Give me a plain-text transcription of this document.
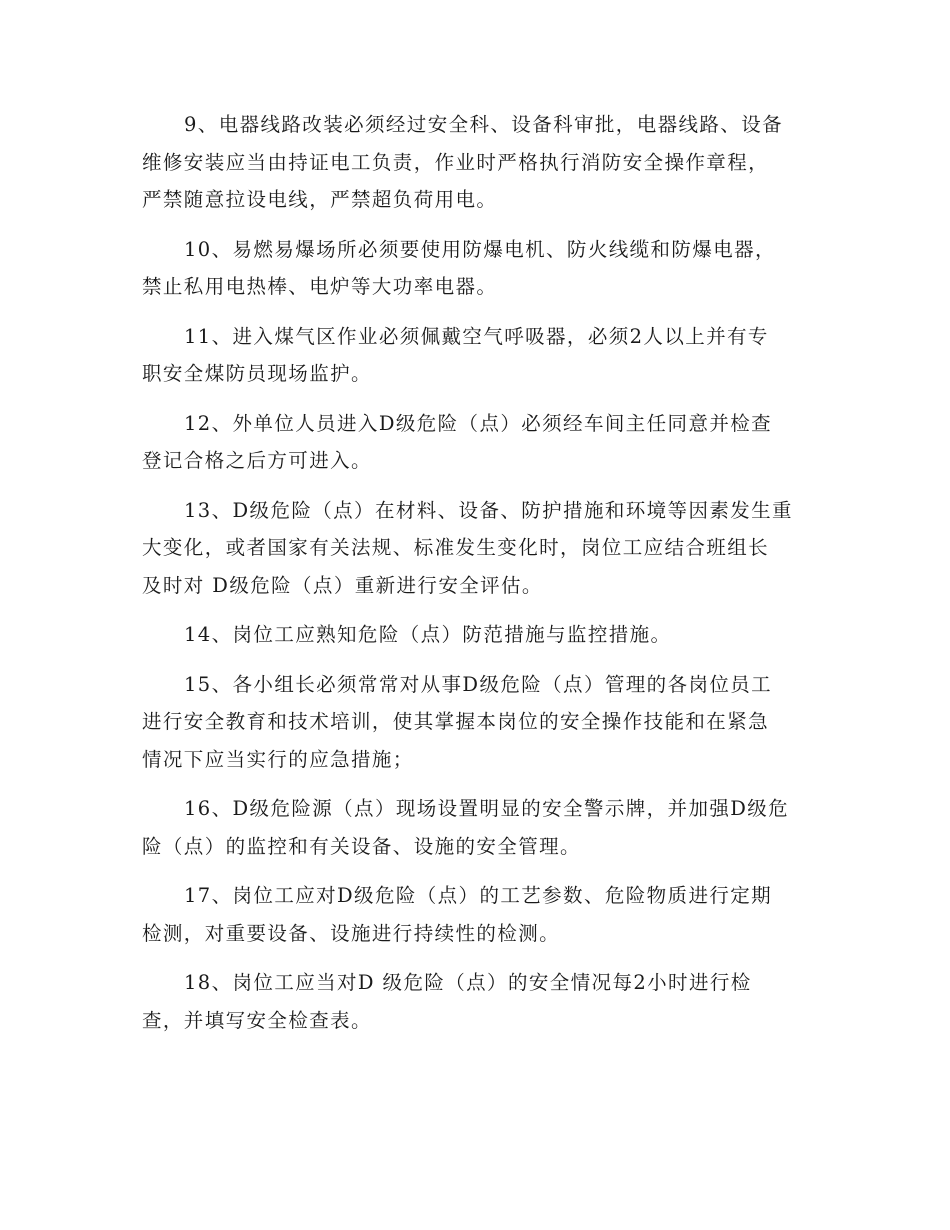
9、电器线路改装必须经过安全科、设备科审批，电器线路、设备
维修安装应当由持证电工负责，作业时严格执行消防安全操作章程，
严禁随意拉设电线，严禁超负荷用电。

10、易燃易爆场所必须要使用防爆电机、防火线缆和防爆电器，
禁止私用电热棒、电炉等大功率电器。

11、进入煤气区作业必须佩戴空气呼吸器，必须2人以上并有专
职安全煤防员现场监护。

12、外单位人员进入D级危险（点）必须经车间主任同意并检查
登记合格之后方可进入。

13、D级危险（点）在材料、设备、防护措施和环境等因素发生重
大变化，或者国家有关法规、标准发生变化时，岗位工应结合班组长
及时对 D级危险（点）重新进行安全评估。

14、岗位工应熟知危险（点）防范措施与监控措施。

15、各小组长必须常常对从事D级危险（点）管理的各岗位员工
进行安全教育和技术培训，使其掌握本岗位的安全操作技能和在紧急
情况下应当实行的应急措施；

16、D级危险源（点）现场设置明显的安全警示牌，并加强D级危
险（点）的监控和有关设备、设施的安全管理。

17、岗位工应对D级危险（点）的工艺参数、危险物质进行定期
检测，对重要设备、设施进行持续性的检测。

18、岗位工应当对D 级危险（点）的安全情况每2小时进行检
查，并填写安全检查表。
